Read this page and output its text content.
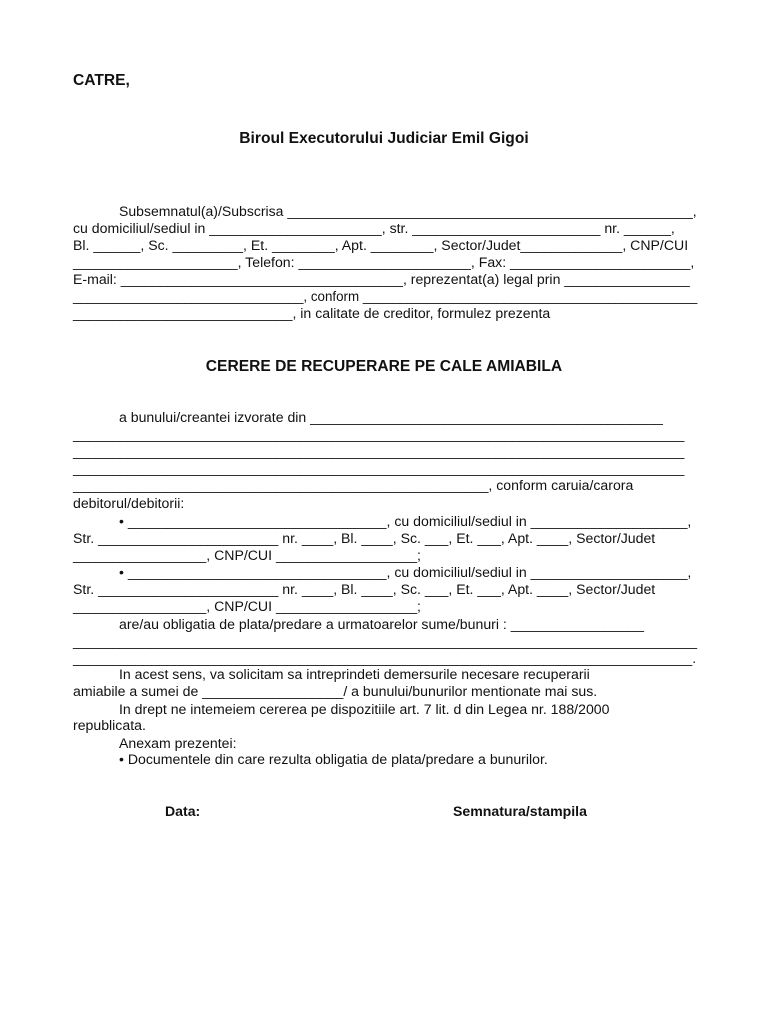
CATRE,
Biroul Executorului Judiciar Emil Gigoi
Subsemnatul(a)/Subscrisa ____________________________________________________,
cu domiciliul/sediul in ______________________, str. ________________________ nr. ______,
Bl. ______, Sc. _________, Et. ________, Apt. ________, Sector/Judet_____________, CNP/CUI
_____________________, Telefon: ______________________, Fax: _______________________,
E-mail: ____________________________________, reprezentat(a) legal prin ________________
_______________________________, conform _____________________________________________
____________________________, in calitate de creditor, formulez prezenta
CERERE DE RECUPERARE PE CALE AMIABILA
a bunului/creantei izvorate din _____________________________________________
______________________________________________________________________________
______________________________________________________________________________
______________________________________________________________________________
_____________________________________________________, conform caruia/carora
debitorul/debitorii:
• _________________________________, cu domiciliul/sediul in ____________________,
Str. _______________________ nr. ____, Bl. ____, Sc. ___, Et. ___, Apt. ____, Sector/Judet
_________________, CNP/CUI __________________;
• _________________________________, cu domiciliul/sediul in ____________________,
Str. _______________________ nr. ____, Bl. ____, Sc. ___, Et. ___, Apt. ____, Sector/Judet
_________________, CNP/CUI __________________;
are/au obligatia de plata/predare a urmatoarelor sume/bunuri : _________________
________________________________________________________________________________
_______________________________________________________________________________.
In acest sens, va solicitam sa intreprindeti demersurile necesare recuperarii
amiabile a sumei de __________________/ a bunului/bunurilor mentionate mai sus.
In drept ne intemeiem cererea pe dispozitiile art. 7 lit. d din Legea nr. 188/2000
republicata.
Anexam prezentei:
• Documentele din care rezulta obligatia de plata/predare a bunurilor.
Data:	Semnatura/stampila
